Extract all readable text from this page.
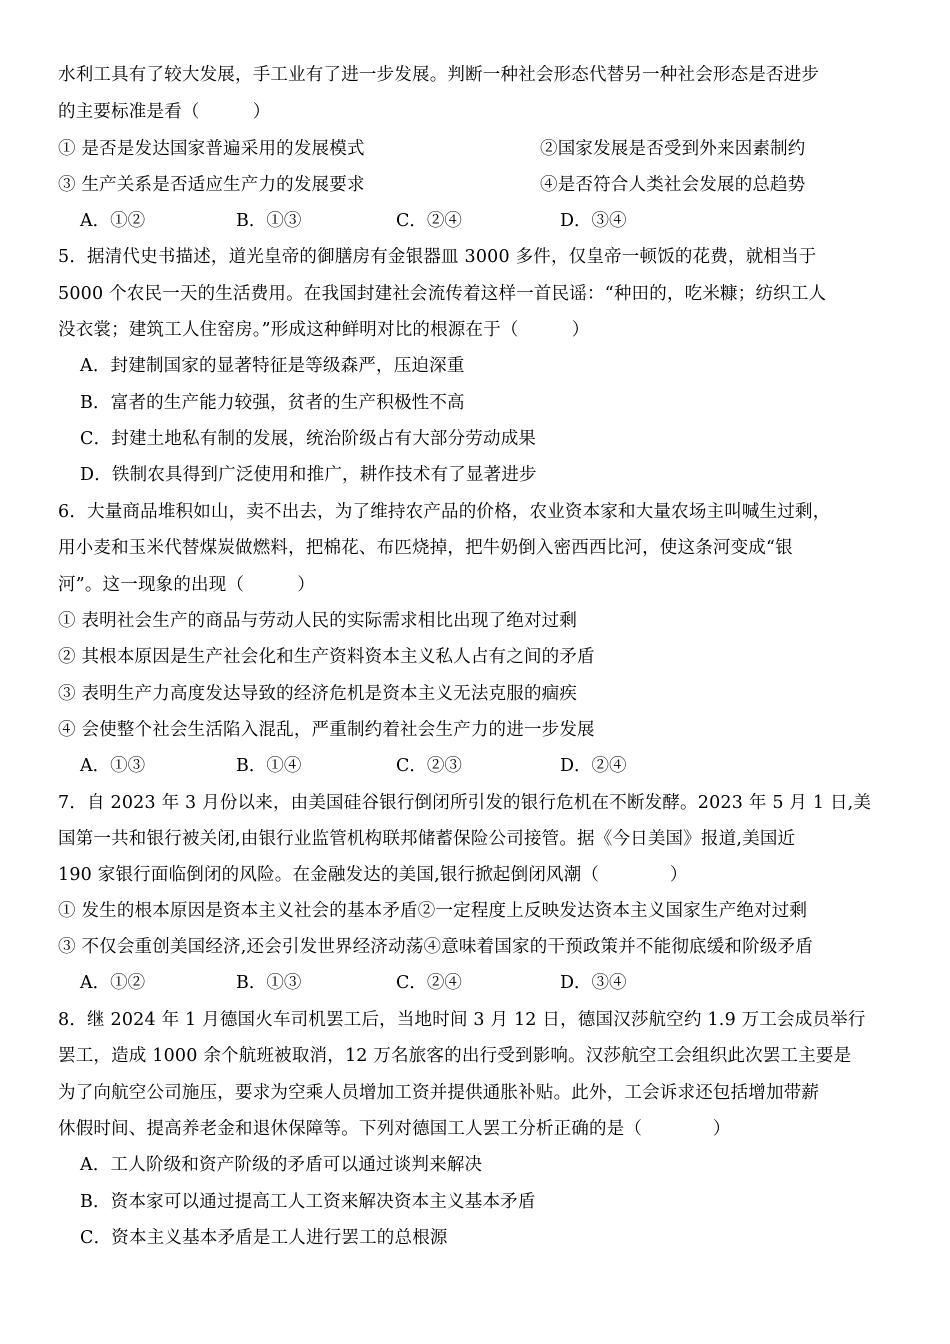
水利工具有了较大发展，手工业有了进一步发展。判断一种社会形态代替另一种社会形态是否进步
的主要标准是看（　　　）
① 是否是发达国家普遍采用的发展模式	②国家发展是否受到外来因素制约
③ 生产关系是否适应生产力的发展要求	④是否符合人类社会发展的总趋势
A．①②	B．①③	C．②④	D．③④
5．据清代史书描述，道光皇帝的御膳房有金银器皿 3000 多件，仅皇帝一顿饭的花费，就相当于
5000 个农民一天的生活费用。在我国封建社会流传着这样一首民谣：“种田的，吃米糠；纺织工人
没衣裳；建筑工人住窑房。”形成这种鲜明对比的根源在于（　　　）
A．封建制国家的显著特征是等级森严，压迫深重
B．富者的生产能力较强，贫者的生产积极性不高
C．封建土地私有制的发展，统治阶级占有大部分劳动成果
D．铁制农具得到广泛使用和推广，耕作技术有了显著进步
6．大量商品堆积如山，卖不出去，为了维持农产品的价格，农业资本家和大量农场主叫喊生过剩，
用小麦和玉米代替煤炭做燃料，把棉花、布匹烧掉，把牛奶倒入密西西比河，使这条河变成“银
河”。这一现象的出现（　　　）
① 表明社会生产的商品与劳动人民的实际需求相比出现了绝对过剩
② 其根本原因是生产社会化和生产资料资本主义私人占有之间的矛盾
③ 表明生产力高度发达导致的经济危机是资本主义无法克服的痼疾
④ 会使整个社会生活陷入混乱，严重制约着社会生产力的进一步发展
A．①③	B．①④	C．②③	D．②④
7．自 2023 年 3 月份以来，由美国硅谷银行倒闭所引发的银行危机在不断发酵。2023 年 5 月 1 日,美
国第一共和银行被关闭,由银行业监管机构联邦储蓄保险公司接管。据《今日美国》报道,美国近
190 家银行面临倒闭的风险。在金融发达的美国,银行掀起倒闭风潮（　　　　）
① 发生的根本原因是资本主义社会的基本矛盾②一定程度上反映发达资本主义国家生产绝对过剩
③ 不仅会重创美国经济,还会引发世界经济动荡④意味着国家的干预政策并不能彻底缓和阶级矛盾
A．①②	B．①③	C．②④	D．③④
8．继 2024 年 1 月德国火车司机罢工后，当地时间 3 月 12 日，德国汉莎航空约 1.9 万工会成员举行
罢工，造成 1000 余个航班被取消，12 万名旅客的出行受到影响。汉莎航空工会组织此次罢工主要是
为了向航空公司施压，要求为空乘人员增加工资并提供通胀补贴。此外，工会诉求还包括增加带薪
休假时间、提高养老金和退休保障等。下列对德国工人罢工分析正确的是（　　　　）
A．工人阶级和资产阶级的矛盾可以通过谈判来解决
B．资本家可以通过提高工人工资来解决资本主义基本矛盾
C．资本主义基本矛盾是工人进行罢工的总根源
